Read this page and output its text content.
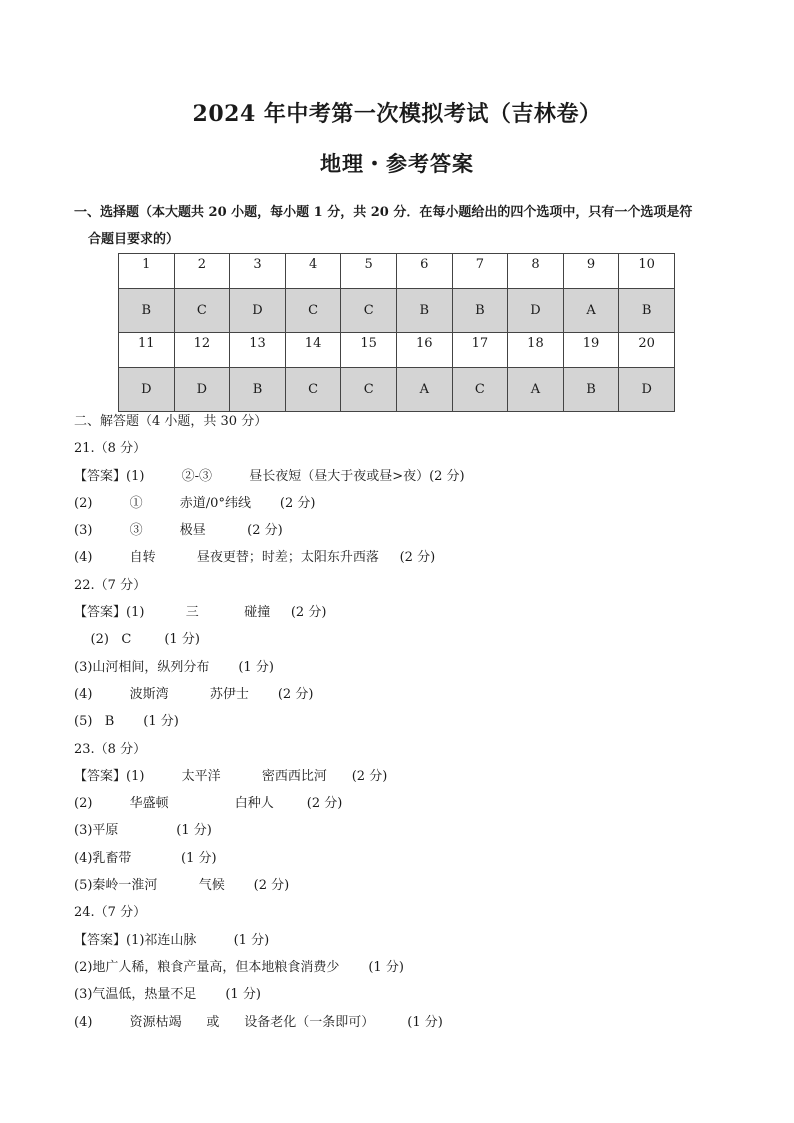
2024 年中考第一次模拟考试（吉林卷）
地理・参考答案
一、选择题（本大题共 20 小题，每小题 1 分，共 20 分．在每小题给出的四个选项中，只有一个选项是符
合题目要求的）
1	2	3	4	5	6	7	8	9	10
B	C	D	C	C	B	B	D	A	B
11	12	13	14	15	16	17	18	19	20
D	D	B	C	C	A	C	A	B	D
二、解答题（4 小题，共 30 分）
21.（8 分）
【答案】(1)         ②-③         昼长夜短（昼大于夜或昼>夜）(2 分)
(2)         ①         赤道/0°纬线       (2 分)
(3)         ③         极昼          (2 分)
(4)         自转          昼夜更替；时差；太阳东升西落     (2 分)
22.（7 分）
【答案】(1)          三           碰撞     (2 分)
(2)   C        (1 分)
(3)山河相间，纵列分布       (1 分)
(4)         波斯湾          苏伊士       (2 分)
(5)   B       (1 分)
23.（8 分）
【答案】(1)         太平洋          密西西比河      (2 分)
(2)         华盛顿                白种人        (2 分)
(3)平原              (1 分)
(4)乳畜带            (1 分)
(5)秦岭一淮河          气候       (2 分)
24.（7 分）
【答案】(1)祁连山脉         (1 分)
(2)地广人稀，粮食产量高，但本地粮食消费少       (1 分)
(3)气温低，热量不足       (1 分)
(4)         资源枯竭      或      设备老化（一条即可）        (1 分)
